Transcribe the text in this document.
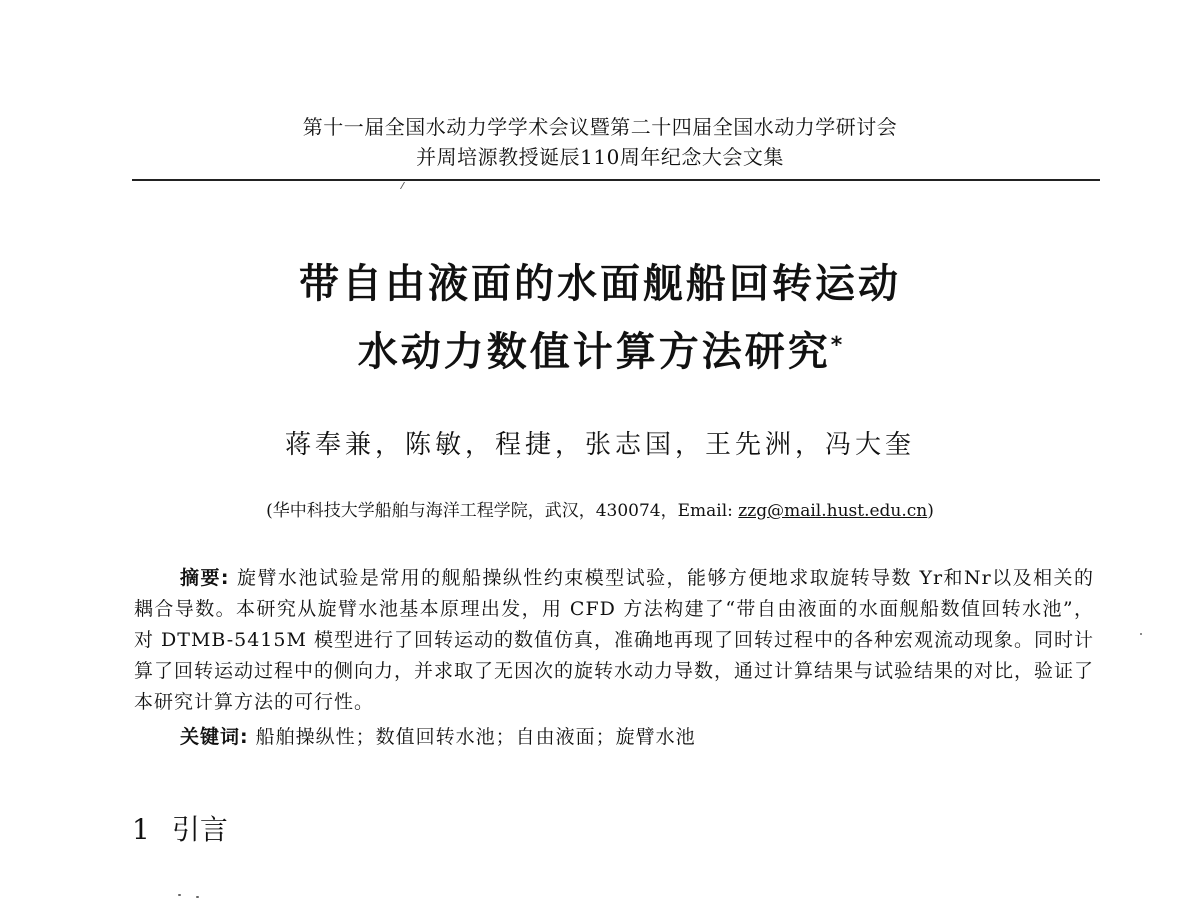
第十一届全国水动力学学术会议暨第二十四届全国水动力学研讨会
并周培源教授诞辰110周年纪念大会文集
带自由液面的水面舰船回转运动
水动力数值计算方法研究*
蒋奉兼，陈敏，程捷，张志国，王先洲，冯大奎
(华中科技大学船舶与海洋工程学院，武汉，430074，Email: zzg@mail.hust.edu.cn)
摘要: 旋臂水池试验是常用的舰船操纵性约束模型试验，能够方便地求取旋转导数 Yr和Nr以及相关的耦合导数。本研究从旋臂水池基本原理出发，用 CFD 方法构建了“带自由液面的水面舰船数值回转水池”，对 DTMB-5415M 模型进行了回转运动的数值仿真，准确地再现了回转过程中的各种宏观流动现象。同时计算了回转运动过程中的侧向力，并求取了无因次的旋转水动力导数，通过计算结果与试验结果的对比，验证了本研究计算方法的可行性。
关键词: 船舶操纵性；数值回转水池；自由液面；旋臂水池
1 引言
